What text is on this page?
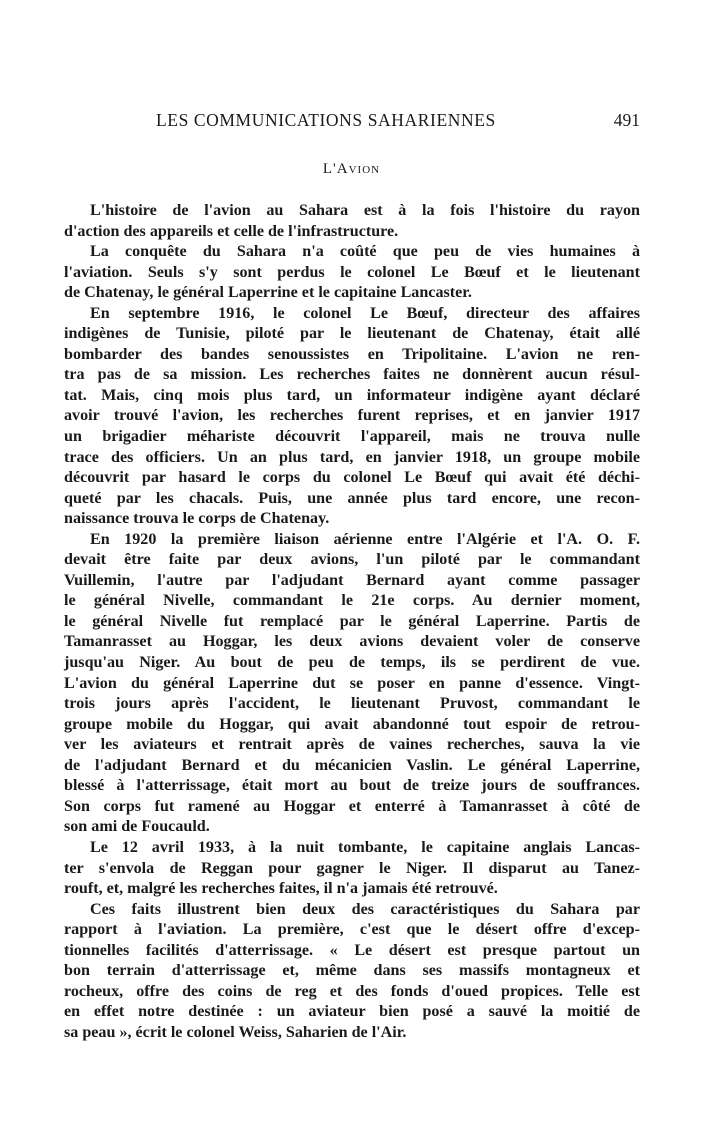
LES COMMUNICATIONS SAHARIENNES	491
L'Avion
L'histoire de l'avion au Sahara est à la fois l'histoire du rayon
d'action des appareils et celle de l'infrastructure.
La conquête du Sahara n'a coûté que peu de vies humaines à
l'aviation. Seuls s'y sont perdus le colonel Le Bœuf et le lieutenant
de Chatenay, le général Laperrine et le capitaine Lancaster.
En septembre 1916, le colonel Le Bœuf, directeur des affaires
indigènes de Tunisie, piloté par le lieutenant de Chatenay, était allé
bombarder des bandes senoussistes en Tripolitaine. L'avion ne ren-
tra pas de sa mission. Les recherches faites ne donnèrent aucun résul-
tat. Mais, cinq mois plus tard, un informateur indigène ayant déclaré
avoir trouvé l'avion, les recherches furent reprises, et en janvier 1917
un brigadier méhariste découvrit l'appareil, mais ne trouva nulle
trace des officiers. Un an plus tard, en janvier 1918, un groupe mobile
découvrit par hasard le corps du colonel Le Bœuf qui avait été déchi-
queté par les chacals. Puis, une année plus tard encore, une recon-
naissance trouva le corps de Chatenay.
En 1920 la première liaison aérienne entre l'Algérie et l'A. O. F.
devait être faite par deux avions, l'un piloté par le commandant
Vuillemin, l'autre par l'adjudant Bernard ayant comme passager
le général Nivelle, commandant le 21e corps. Au dernier moment,
le général Nivelle fut remplacé par le général Laperrine. Partis de
Tamanrasset au Hoggar, les deux avions devaient voler de conserve
jusqu'au Niger. Au bout de peu de temps, ils se perdirent de vue.
L'avion du général Laperrine dut se poser en panne d'essence. Vingt-
trois jours après l'accident, le lieutenant Pruvost, commandant le
groupe mobile du Hoggar, qui avait abandonné tout espoir de retrou-
ver les aviateurs et rentrait après de vaines recherches, sauva la vie
de l'adjudant Bernard et du mécanicien Vaslin. Le général Laperrine,
blessé à l'atterrissage, était mort au bout de treize jours de souffrances.
Son corps fut ramené au Hoggar et enterré à Tamanrasset à côté de
son ami de Foucauld.
Le 12 avril 1933, à la nuit tombante, le capitaine anglais Lancas-
ter s'envola de Reggan pour gagner le Niger. Il disparut au Tanez-
rouft, et, malgré les recherches faites, il n'a jamais été retrouvé.
Ces faits illustrent bien deux des caractéristiques du Sahara par
rapport à l'aviation. La première, c'est que le désert offre d'excep-
tionnelles facilités d'atterrissage. « Le désert est presque partout un
bon terrain d'atterrissage et, même dans ses massifs montagneux et
rocheux, offre des coins de reg et des fonds d'oued propices. Telle est
en effet notre destinée : un aviateur bien posé a sauvé la moitié de
sa peau », écrit le colonel Weiss, Saharien de l'Air.
